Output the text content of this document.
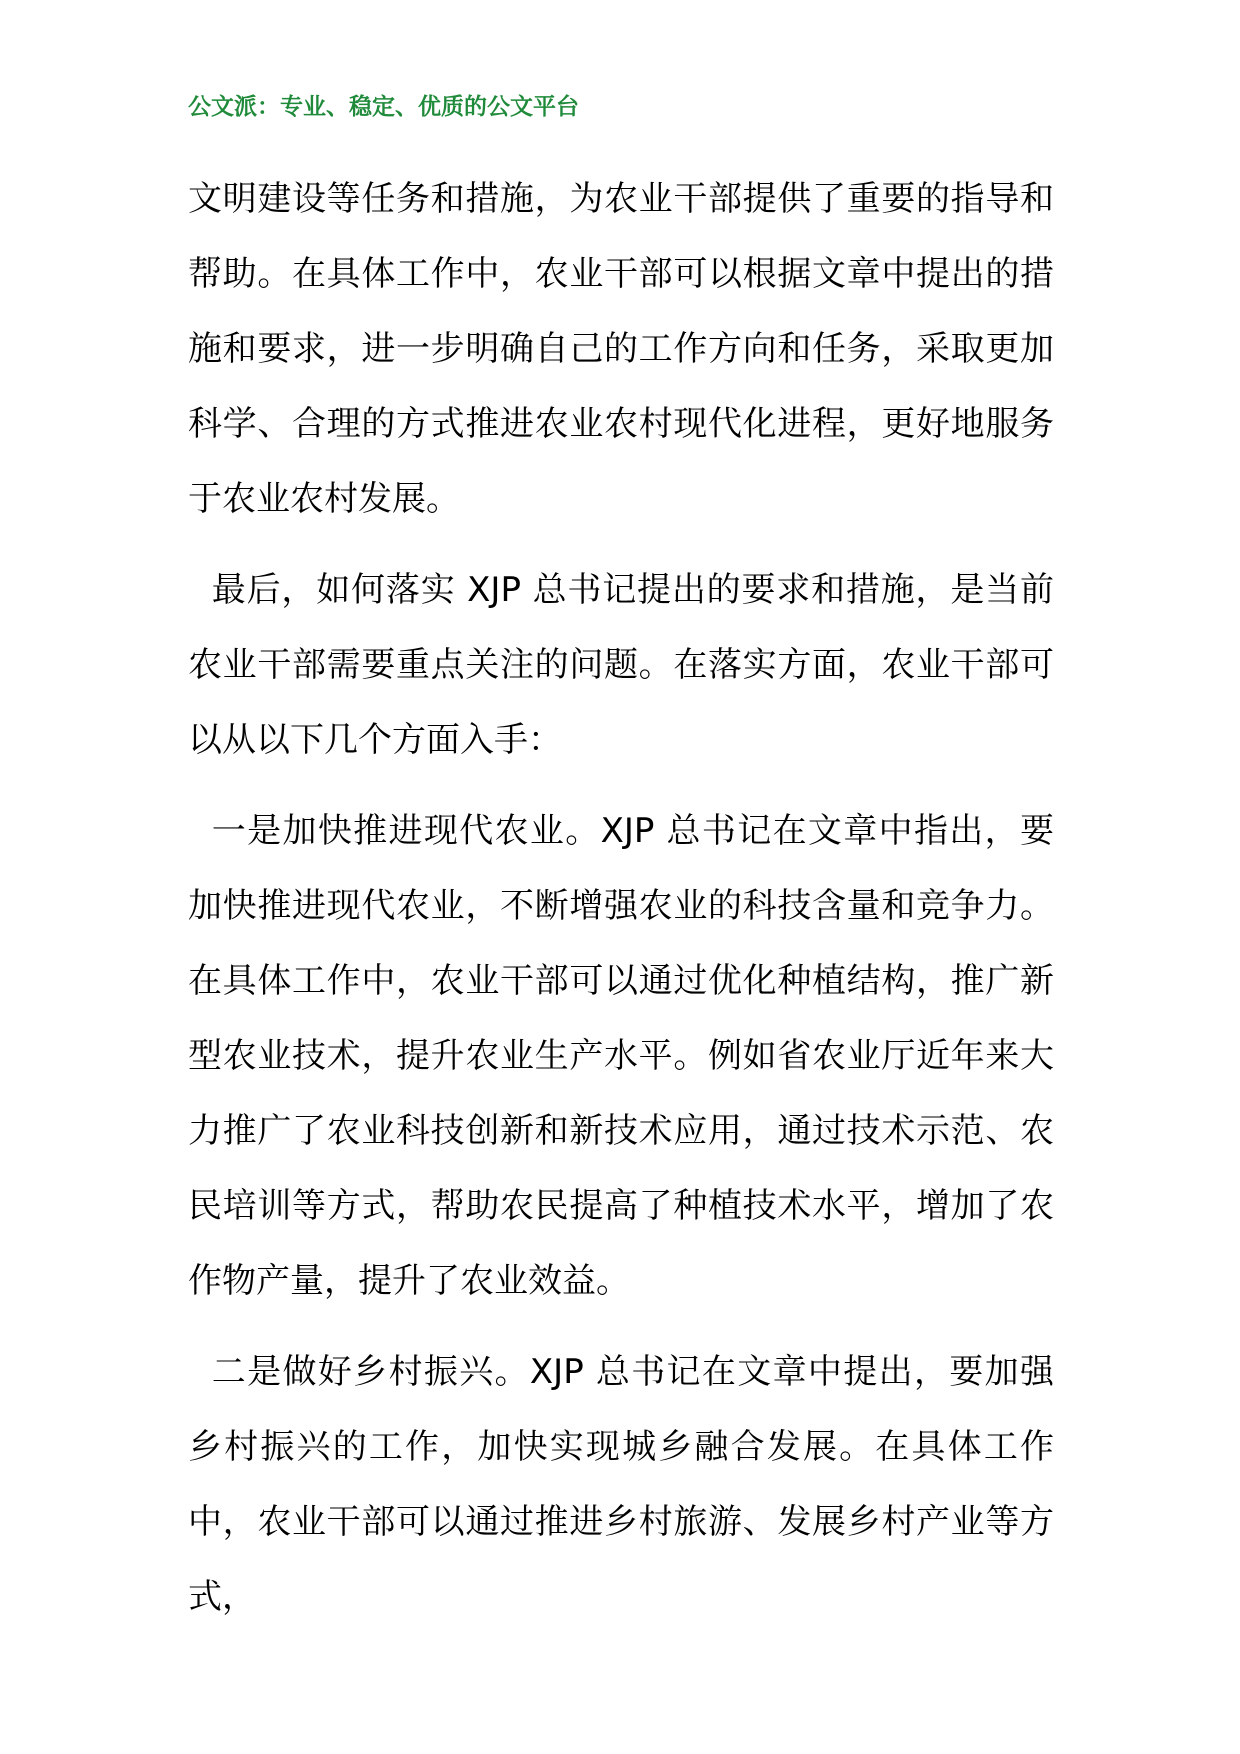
公文派：专业、稳定、优质的公文平台

文明建设等任务和措施，为农业干部提供了重要的指导和帮助。在具体工作中，农业干部可以根据文章中提出的措施和要求，进一步明确自己的工作方向和任务，采取更加科学、合理的方式推进农业农村现代化进程，更好地服务于农业农村发展。

最后，如何落实 XJP 总书记提出的要求和措施，是当前农业干部需要重点关注的问题。在落实方面，农业干部可以从以下几个方面入手：

一是加快推进现代农业。XJP 总书记在文章中指出，要加快推进现代农业，不断增强农业的科技含量和竞争力。在具体工作中，农业干部可以通过优化种植结构，推广新型农业技术，提升农业生产水平。例如省农业厅近年来大力推广了农业科技创新和新技术应用，通过技术示范、农民培训等方式，帮助农民提高了种植技术水平，增加了农作物产量，提升了农业效益。

二是做好乡村振兴。XJP 总书记在文章中提出，要加强乡村振兴的工作，加快实现城乡融合发展。在具体工作中，农业干部可以通过推进乡村旅游、发展乡村产业等方式，
